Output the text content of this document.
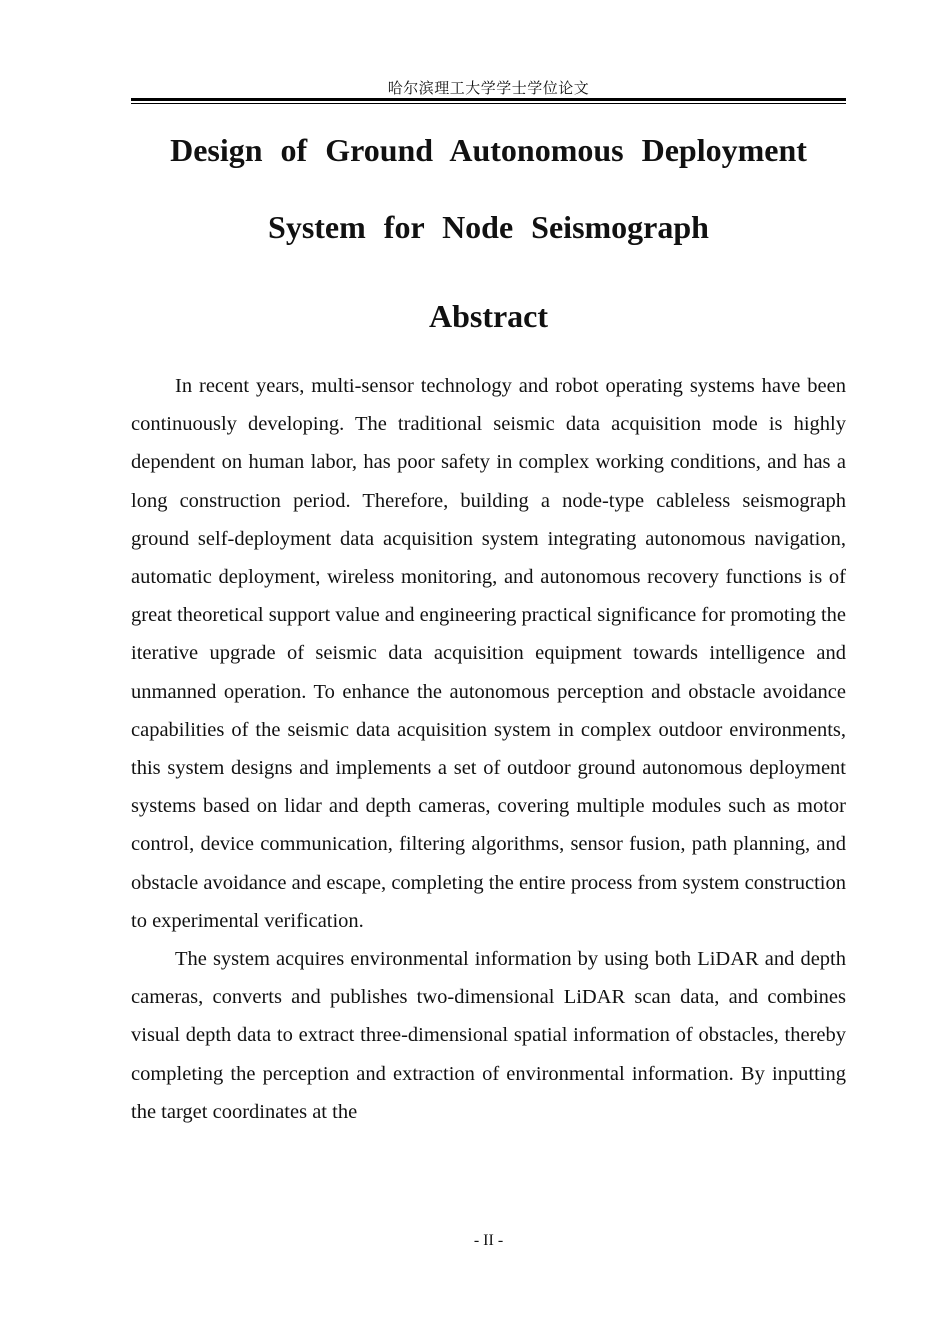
哈尔滨理工大学学士学位论文
Design of Ground Autonomous Deployment
System for Node Seismograph
Abstract

In recent years, multi-sensor technology and robot operating systems have been continuously developing. The traditional seismic data acquisition mode is highly dependent on human labor, has poor safety in complex working conditions, and has a long construction period. Therefore, building a node-type cableless seismograph ground self-deployment data acquisition system integrating autonomous navigation, automatic deployment, wireless monitoring, and autonomous recovery functions is of great theoretical support value and engineering practical significance for promoting the iterative upgrade of seismic data acquisition equipment towards intelligence and unmanned operation. To enhance the autonomous perception and obstacle avoidance capabilities of the seismic data acquisition system in complex outdoor environments, this system designs and implements a set of outdoor ground autonomous deployment systems based on lidar and depth cameras, covering multiple modules such as motor control, device communication, filtering algorithms, sensor fusion, path planning, and obstacle avoidance and escape, completing the entire process from system construction to experimental verification.

The system acquires environmental information by using both LiDAR and depth cameras, converts and publishes two-dimensional LiDAR scan data, and combines visual depth data to extract three-dimensional spatial information of obstacles, thereby completing the perception and extraction of environmental information. By inputting the target coordinates at the

- II -
